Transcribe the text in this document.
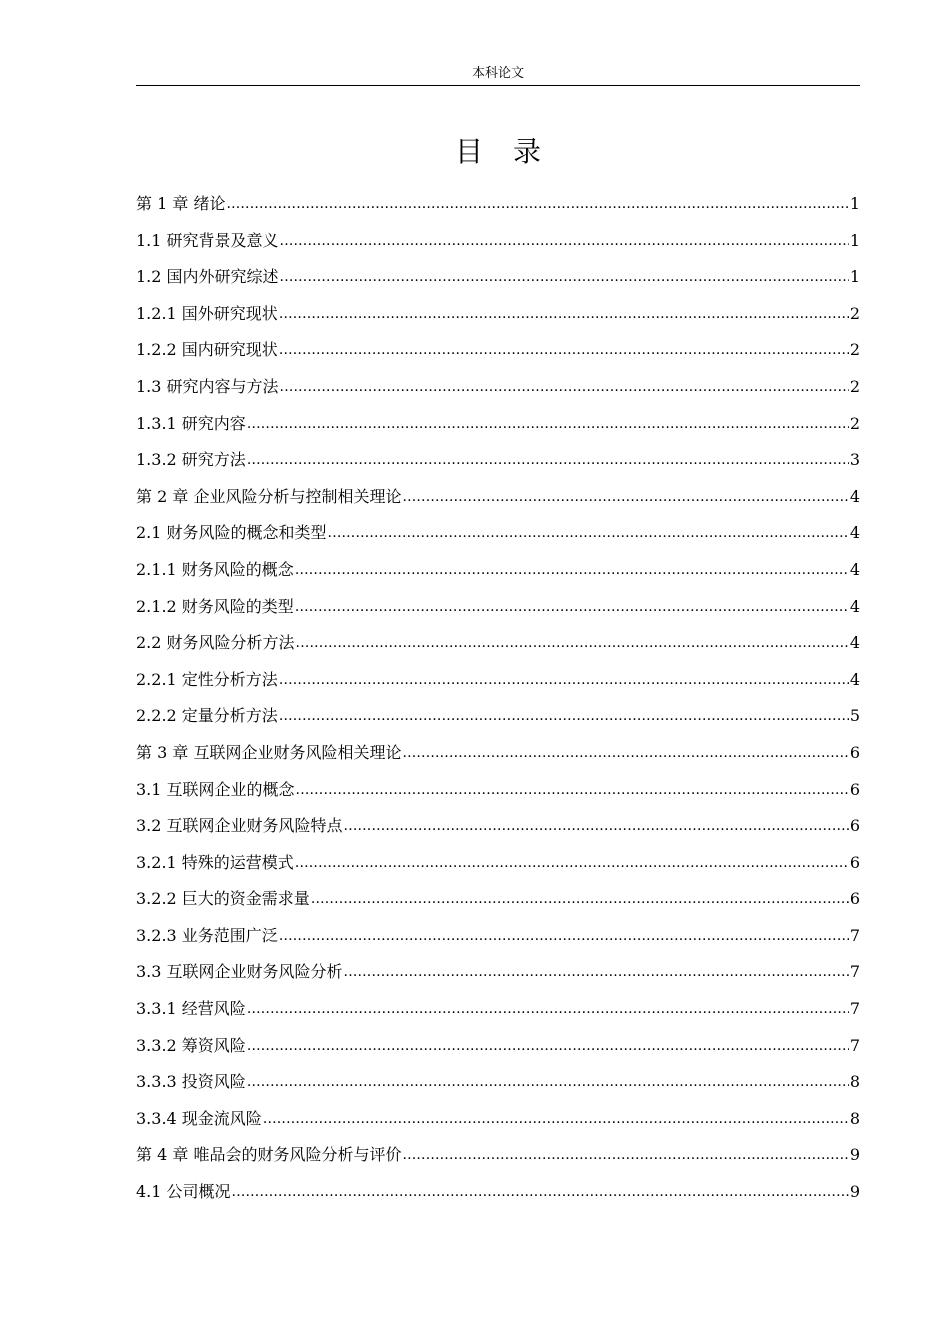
本科论文
目录
第 1 章 绪论 .....	1
1.1 研究背景及意义 .....	1
1.2 国内外研究综述 .....	1
1.2.1 国外研究现状 .....	2
1.2.2 国内研究现状 .....	2
1.3 研究内容与方法 .....	2
1.3.1 研究内容 .....	2
1.3.2 研究方法 .....	3
第 2 章 企业风险分析与控制相关理论 .....	4
2.1 财务风险的概念和类型 .....	4
2.1.1 财务风险的概念 .....	4
2.1.2 财务风险的类型 .....	4
2.2 财务风险分析方法 .....	4
2.2.1 定性分析方法 .....	4
2.2.2 定量分析方法 .....	5
第 3 章 互联网企业财务风险相关理论 .....	6
3.1 互联网企业的概念 .....	6
3.2 互联网企业财务风险特点 .....	6
3.2.1 特殊的运营模式 .....	6
3.2.2 巨大的资金需求量 .....	6
3.2.3 业务范围广泛 .....	7
3.3 互联网企业财务风险分析 .....	7
3.3.1 经营风险 .....	7
3.3.2 筹资风险 .....	7
3.3.3 投资风险 .....	8
3.3.4 现金流风险 .....	8
第 4 章 唯品会的财务风险分析与评价 .....	9
4.1 公司概况 .....	9
